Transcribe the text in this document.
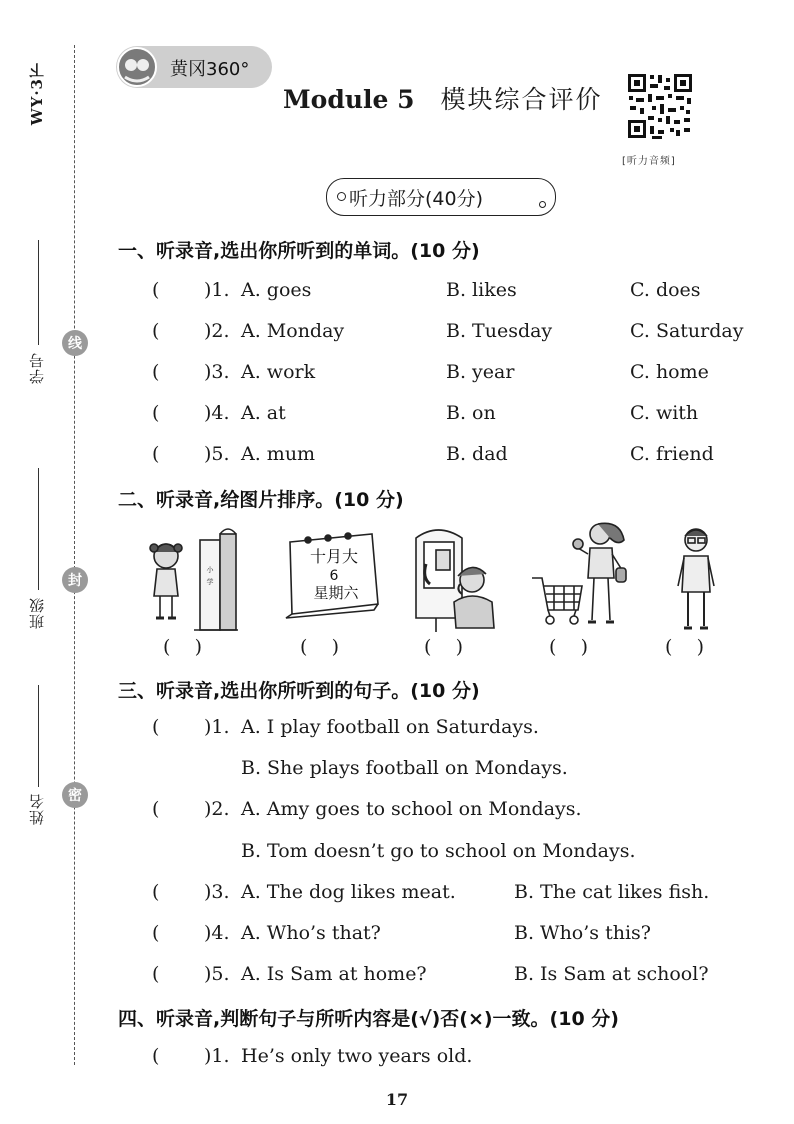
WY·3下
学号
班级
姓名
线
封
密
黄冈360°
Module 5 模块综合评价
[听力音频]
听力部分(40分)
一、听录音,选出你所听到的单词。(10 分)
( )1. A. goes	B. likes	C. does
( )2. A. Monday	B. Tuesday	C. Saturday
( )3. A. work	B. year	C. home
( )4. A. at	B. on	C. with
( )5. A. mum	B. dad	C. friend
二、听录音,给图片排序。(10 分)
小
学
十月大
6
星期六
(    )	(    )	(    )	(    )	(    )
三、听录音,选出你所听到的句子。(10 分)
( )1. A. I play football on Saturdays.
B. She plays football on Mondays.
( )2. A. Amy goes to school on Mondays.
B. Tom doesn’t go to school on Mondays.
( )3. A. The dog likes meat.	B. The cat likes fish.
( )4. A. Who’s that?	B. Who’s this?
( )5. A. Is Sam at home?	B. Is Sam at school?
四、听录音,判断句子与所听内容是(√)否(×)一致。(10 分)
( )1. He’s only two years old.
17
